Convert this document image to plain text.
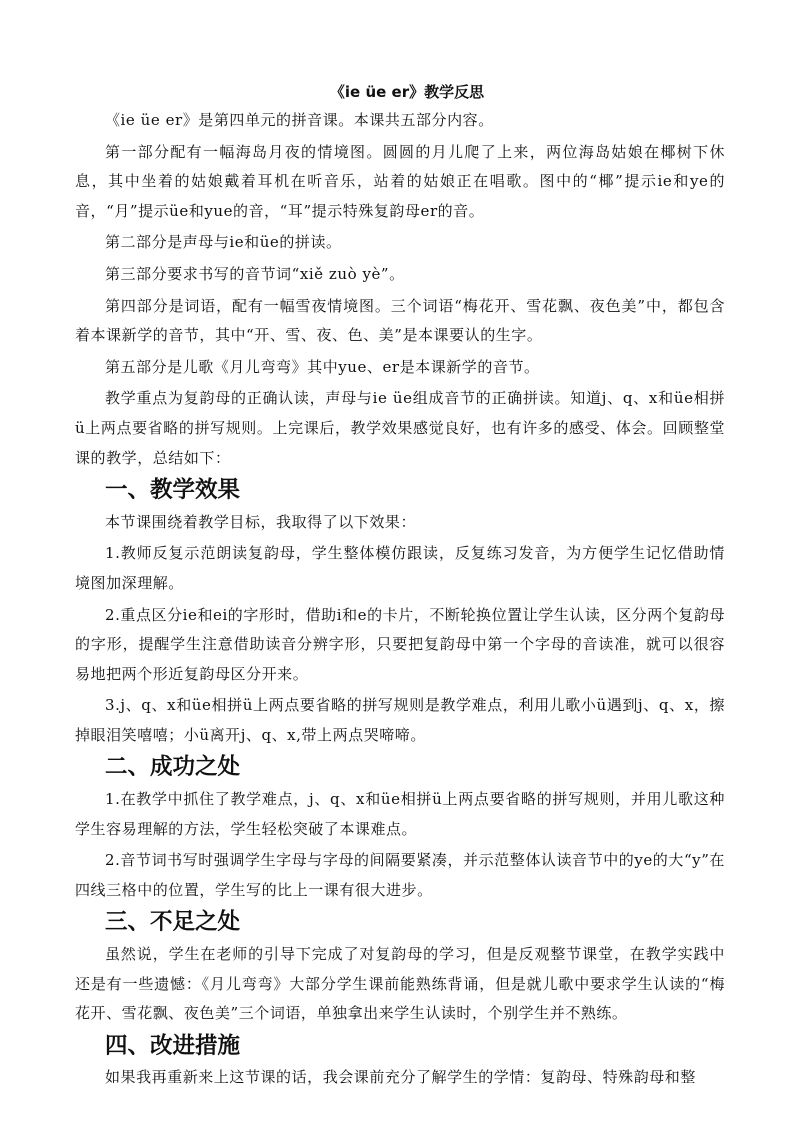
《ie üe er》教学反思

《ie üe er》是第四单元的拼音课。本课共五部分内容。

第一部分配有一幅海岛月夜的情境图。圆圆的月儿爬了上来，两位海岛姑娘在椰树下休息，其中坐着的姑娘戴着耳机在听音乐，站着的姑娘正在唱歌。图中的“椰”提示ie和ye的音，“月”提示üe和yue的音，“耳”提示特殊复韵母er的音。

第二部分是声母与ie和üe的拼读。

第三部分要求书写的音节词“xiě zuò yè”。

第四部分是词语，配有一幅雪夜情境图。三个词语“梅花开、雪花飘、夜色美”中，都包含着本课新学的音节，其中“开、雪、夜、色、美”是本课要认的生字。

第五部分是儿歌《月儿弯弯》其中yue、er是本课新学的音节。

教学重点为复韵母的正确认读，声母与ie üe组成音节的正确拼读。知道j、q、x和üe相拼ü上两点要省略的拼写规则。上完课后，教学效果感觉良好，也有许多的感受、体会。回顾整堂课的教学，总结如下：

一、教学效果

本节课围绕着教学目标，我取得了以下效果：

1.教师反复示范朗读复韵母，学生整体模仿跟读，反复练习发音，为方便学生记忆借助情境图加深理解。

2.重点区分ie和ei的字形时，借助i和e的卡片，不断轮换位置让学生认读，区分两个复韵母的字形，提醒学生注意借助读音分辨字形，只要把复韵母中第一个字母的音读准，就可以很容易地把两个形近复韵母区分开来。

3.j、q、x和üe相拼ü上两点要省略的拼写规则是教学难点，利用儿歌小ü遇到j、q、x，擦掉眼泪笑嘻嘻；小ü离开j、q、x,带上两点哭啼啼。

二、成功之处

1.在教学中抓住了教学难点，j、q、x和üe相拼ü上两点要省略的拼写规则，并用儿歌这种学生容易理解的方法，学生轻松突破了本课难点。

2.音节词书写时强调学生字母与字母的间隔要紧凑，并示范整体认读音节中的ye的大“y”在四线三格中的位置，学生写的比上一课有很大进步。

三、不足之处

虽然说，学生在老师的引导下完成了对复韵母的学习，但是反观整节课堂，在教学实践中还是有一些遗憾：《月儿弯弯》大部分学生课前能熟练背诵，但是就儿歌中要求学生认读的“梅花开、雪花飘、夜色美”三个词语，单独拿出来学生认读时，个别学生并不熟练。

四、改进措施

如果我再重新来上这节课的话，我会课前充分了解学生的学情：复韵母、特殊韵母和整
